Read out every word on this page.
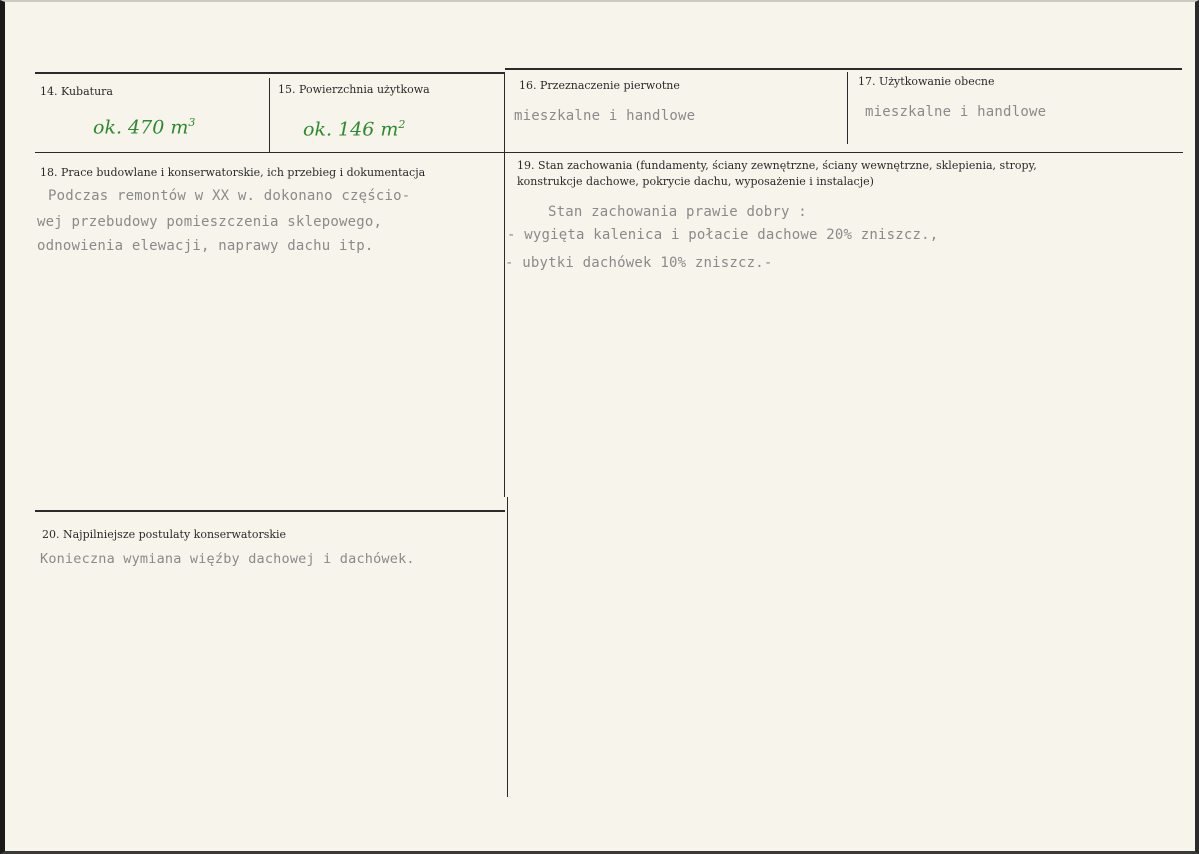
14. Kubatura
ok. 470 $m^3$
15. Powierzchnia użytkowa
ok. 146 $m^2$
16. Przeznaczenie pierwotne
mieszkalne i handlowe
17. Użytkowanie obecne
mieszkalne i handlowe
18. Prace budowlane i konserwatorskie, ich przebieg i dokumentacja
Podczas remontów w XX w. dokonano częścio-
wej przebudowy pomieszczenia sklepowego,
odnowienia elewacji, naprawy dachu itp.
19. Stan zachowania (fundamenty, ściany zewnętrzne, ściany wewnętrzne, sklepienia, stropy,
konstrukcje dachowe, pokrycie dachu, wyposażenie i instalacje)
Stan zachowania prawie dobry :
- wygięta kalenica i połacie dachowe 20% zniszcz.,
- ubytki dachówek 10% zniszcz.-
20. Najpilniejsze postulaty konserwatorskie
Konieczna wymiana więźby dachowej i dachówek.
